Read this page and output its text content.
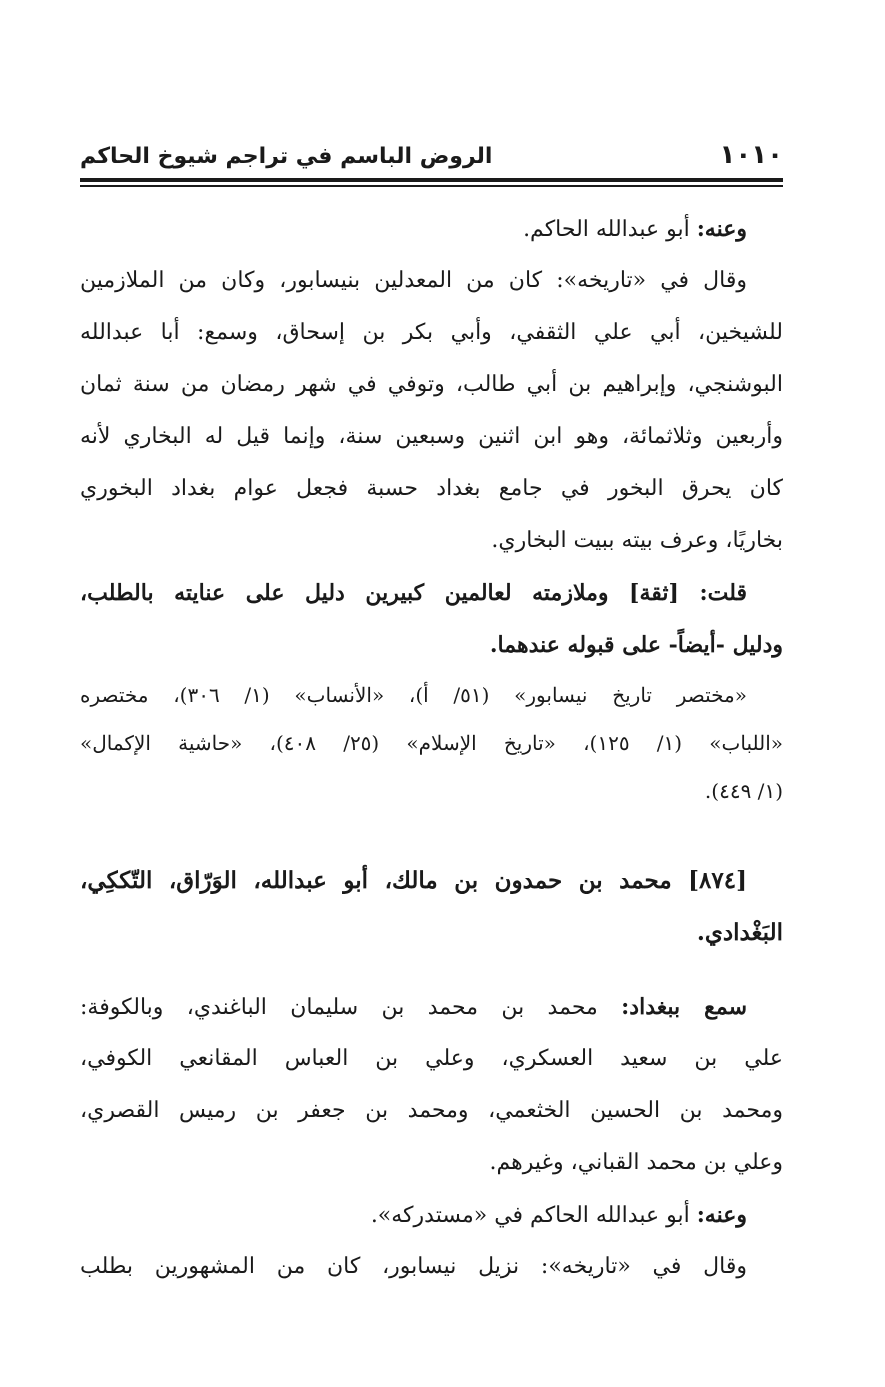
١٠١٠
الروض الباسم في تراجم شيوخ الحاكم
وعنه: أبو عبدالله الحاكم.
وقال في «تاريخه»: كان من المعدلين بنيسابور، وكان من الملازمين
للشيخين، أبي علي الثقفي، وأبي بكر بن إسحاق، وسمع: أبا عبدالله
البوشنجي، وإبراهيم بن أبي طالب، وتوفي في شهر رمضان من سنة ثمان
وأربعين وثلاثمائة، وهو ابن اثنين وسبعين سنة، وإنما قيل له البخاري لأنه
كان يحرق البخور في جامع بغداد حسبة فجعل عوام بغداد البخوري
بخاريًا، وعرف بيته ببيت البخاري.
قلت: [ثقة] وملازمته لعالمين كبيرين دليل على عنايته بالطلب،
ودليل -أيضاً- على قبوله عندهما.
«مختصر تاريخ نيسابور» (٥١/ أ)، «الأنساب» (١/ ٣٠٦)، مختصره
«اللباب» (١/ ١٢٥)، «تاريخ الإسلام» (٢٥/ ٤٠٨)، «حاشية الإكمال»
(١/ ٤٤٩).
[٨٧٤] محمد بن حمدون بن مالك، أبو عبدالله، الوَرّاق، التّككِي،
البَغْدادي.
سمع ببغداد: محمد بن محمد بن سليمان الباغندي، وبالكوفة:
علي بن سعيد العسكري، وعلي بن العباس المقانعي الكوفي،
ومحمد بن الحسين الخثعمي، ومحمد بن جعفر بن رميس القصري،
وعلي بن محمد القباني، وغيرهم.
وعنه: أبو عبدالله الحاكم في «مستدركه».
وقال في «تاريخه»: نزيل نيسابور، كان من المشهورين بطلب
